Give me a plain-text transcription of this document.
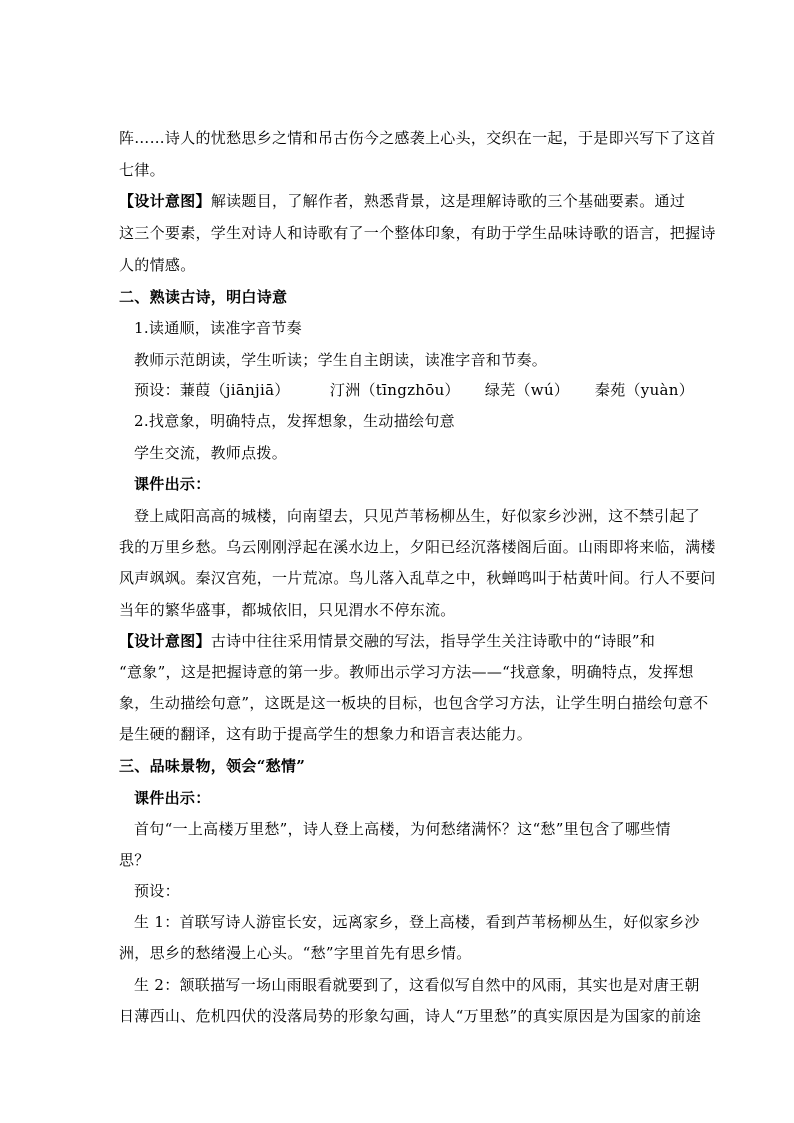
阵……诗人的忧愁思乡之情和吊古伤今之感袭上心头，交织在一起，于是即兴写下了这首
七律。
【设计意图】解读题目，了解作者，熟悉背景，这是理解诗歌的三个基础要素。通过
这三个要素，学生对诗人和诗歌有了一个整体印象，有助于学生品味诗歌的语言，把握诗
人的情感。
二、熟读古诗，明白诗意
1.读通顺，读准字音节奏
教师示范朗读，学生听读；学生自主朗读，读准字音和节奏。
预设：蒹葭（jiānjiā）	汀洲（tīngzhōu） 绿芜（wú） 秦苑（yuàn）
2.找意象，明确特点，发挥想象，生动描绘句意
学生交流，教师点拨。
课件出示：
登上咸阳高高的城楼，向南望去，只见芦苇杨柳丛生，好似家乡沙洲，这不禁引起了
我的万里乡愁。乌云刚刚浮起在溪水边上，夕阳已经沉落楼阁后面。山雨即将来临，满楼
风声飒飒。秦汉宫苑，一片荒凉。鸟儿落入乱草之中，秋蝉鸣叫于枯黄叶间。行人不要问
当年的繁华盛事，都城依旧，只见渭水不停东流。
【设计意图】古诗中往往采用情景交融的写法，指导学生关注诗歌中的“诗眼”和
“意象”，这是把握诗意的第一步。教师出示学习方法——“找意象，明确特点，发挥想
象，生动描绘句意”，这既是这一板块的目标，也包含学习方法，让学生明白描绘句意不
是生硬的翻译，这有助于提高学生的想象力和语言表达能力。
三、品味景物，领会“愁情”
课件出示：
首句“一上高楼万里愁”，诗人登上高楼，为何愁绪满怀？这“愁”里包含了哪些情
思？
预设：
生 1：首联写诗人游宦长安，远离家乡，登上高楼，看到芦苇杨柳丛生，好似家乡沙
洲，思乡的愁绪漫上心头。“愁”字里首先有思乡情。
生 2：颔联描写一场山雨眼看就要到了，这看似写自然中的风雨，其实也是对唐王朝
日薄西山、危机四伏的没落局势的形象勾画，诗人“万里愁”的真实原因是为国家的前途
